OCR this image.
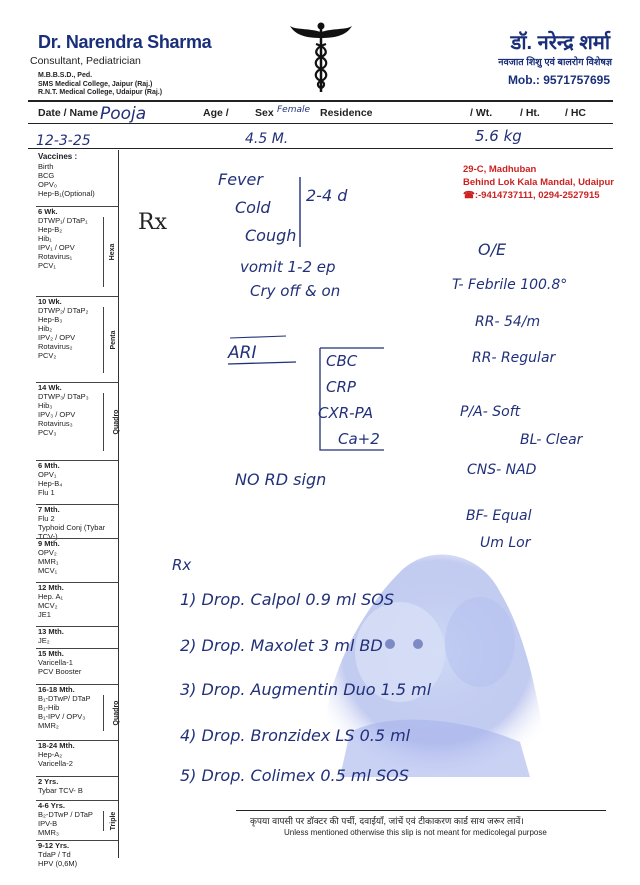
Dr. Narendra Sharma
Consultant, Pediatrician
M.B.B.S.D., Ped.
SMS Medical College, Jaipur (Raj.)
R.N.T. Medical College, Udaipur (Raj.)
डॉ. नरेन्द्र शर्मा
नवजात शिशु एवं बालरोग विशेषज्ञ
Mob.: 9571757695
Date / Name /	Age /	Sex	Residence	/ Wt.	/ Ht. / HC
Vaccines :
Birth
BCG
OPV₀
Hep-B₁(Optional)
6 Wk.
DTWP₁/ DTaP₁
Hep-B₂
Hib₁
IPV₁ / OPV
Rotavirus₁
PCV₁
Hexa
10 Wk.
DTWP₂/ DTaP₂
Hep-B₃
Hib₂
IPV₂ / OPV
Rotavirus₂
PCV₂
Penta
14 Wk.
DTWP₃/ DTaP₃
Hib₃
IPV₃ / OPV
Rotavirus₃
PCV₃	Quadro
6 Mth.
OPV₁
Hep-B₄
Flu 1
7 Mth.
Flu 2
Typhoid Conj (Tybar TCV-)
9 Mth.
OPV₂
MMR₁
MCV₁
12 Mth.
Hep. A₁
MCV₂
JE1
13 Mth.
JE₂
15 Mth.
Varicella-1
PCV Booster
16-18 Mth.
B₁-DTwP/ DTaP
B₁-Hib
B₁-IPV / OPV₃
MMR₂
Quadro
18-24 Mth.
Hep-A₂
Varicella-2
2 Yrs.
Tybar TCV- B
4-6 Yrs.
B₂-DTwP / DTaP
IPV-B
MMR₃
Triple
9-12 Yrs.
TdaP / Td
HPV (0,6M)
29-C, Madhuban
Behind Lok Kala Mandal, Udaipur
☎:-9414737111, 0294-2527915
Rx
Pooja	Female
12-3-25	4.5 M.	5.6 kg
Fever
Cold
Cough
2-4 d
vomit 1-2 ep
Cry off & on
ARI	CBC
CRP
CXR-PA
Ca+2
NO RD sign
O/E
T- Febrile 100.8°
RR- 54/m
RR- Regular
P/A- Soft
BL- Clear
CNS- NAD
BF- Equal
Um Lor
Rx
1) Drop. Calpol 0.9 ml SOS
2) Drop. Maxolet 3 ml BD
3) Drop. Augmentin Duo 1.5 ml
4) Drop. Bronzidex LS 0.5 ml
5) Drop. Colimex 0.5 ml SOS
कृपया वापसी पर डॉक्टर की पर्ची, दवाईयाँ, जांचें एवं टीकाकरण कार्ड साथ जरूर लावें।
Unless mentioned otherwise this slip is not meant for medicolegal purpose
